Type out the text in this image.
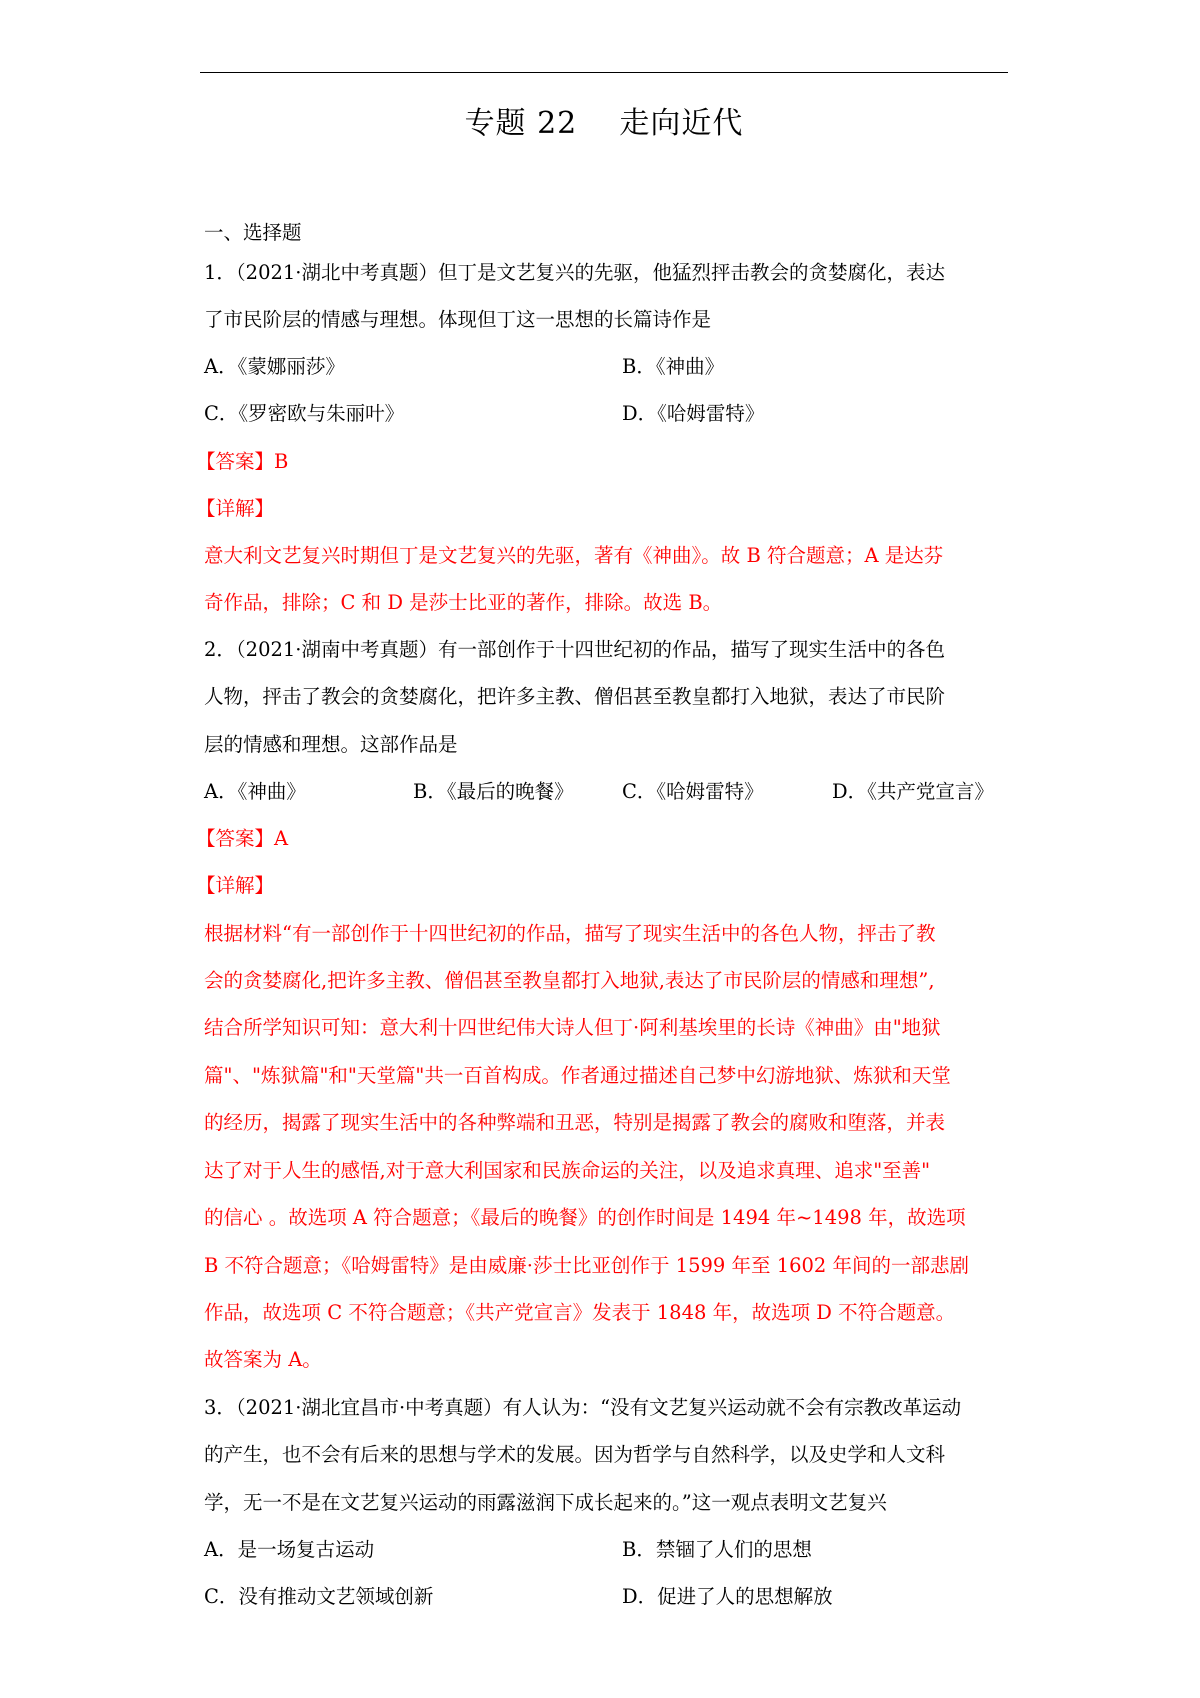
专题 22    走向近代
一、选择题
1．（2021·湖北中考真题）但丁是文艺复兴的先驱，他猛烈抨击教会的贪婪腐化，表达
了市民阶层的情感与理想。体现但丁这一思想的长篇诗作是
A．《蒙娜丽莎》	B．《神曲》
C．《罗密欧与朱丽叶》	D．《哈姆雷特》
【答案】B
【详解】
意大利文艺复兴时期但丁是文艺复兴的先驱，著有《神曲》。故 B 符合题意；A 是达芬
奇作品，排除；C 和 D 是莎士比亚的著作，排除。故选 B。
2．（2021·湖南中考真题）有一部创作于十四世纪初的作品，描写了现实生活中的各色
人物，抨击了教会的贪婪腐化，把许多主教、僧侣甚至教皇都打入地狱，表达了市民阶
层的情感和理想。这部作品是
A．《神曲》	B．《最后的晚餐》 C．《哈姆雷特》	D．《共产党宣言》
【答案】A
【详解】
根据材料“有一部创作于十四世纪初的作品，描写了现实生活中的各色人物，抨击了教
会的贪婪腐化,把许多主教、僧侣甚至教皇都打入地狱,表达了市民阶层的情感和理想”,
结合所学知识可知：意大利十四世纪伟大诗人但丁·阿利基埃里的长诗《神曲》由"地狱
篇"、"炼狱篇"和"天堂篇"共一百首构成。作者通过描述自己梦中幻游地狱、炼狱和天堂
的经历，揭露了现实生活中的各种弊端和丑恶，特别是揭露了教会的腐败和堕落，并表
达了对于人生的感悟,对于意大利国家和民族命运的关注，以及追求真理、追求"至善"
的信心 。故选项 A 符合题意；《最后的晚餐》的创作时间是 1494 年~1498 年，故选项
B 不符合题意；《哈姆雷特》是由威廉·莎士比亚创作于 1599 年至 1602 年间的一部悲剧
作品，故选项 C 不符合题意；《共产党宣言》发表于 1848 年，故选项 D 不符合题意。
故答案为 A。
3．（2021·湖北宜昌市·中考真题）有人认为：“没有文艺复兴运动就不会有宗教改革运动
的产生，也不会有后来的思想与学术的发展。因为哲学与自然科学，以及史学和人文科
学，无一不是在文艺复兴运动的雨露滋润下成长起来的。”这一观点表明文艺复兴
A．是一场复古运动	B．禁锢了人们的思想
C．没有推动文艺领域创新	D．促进了人的思想解放
